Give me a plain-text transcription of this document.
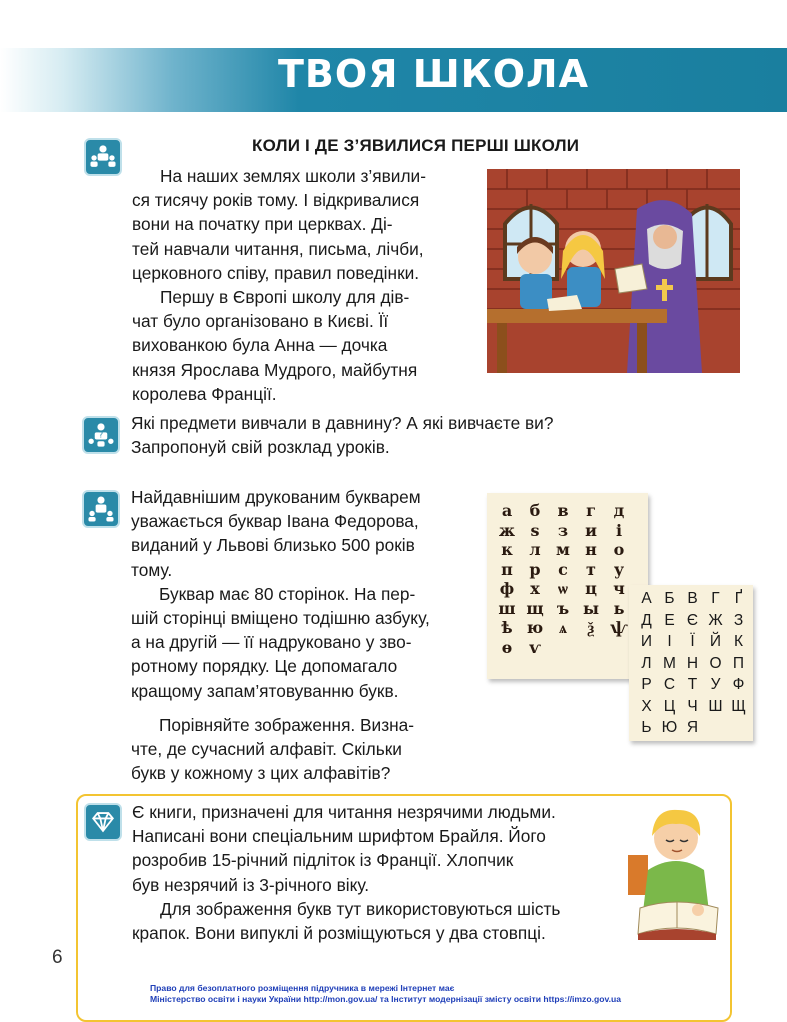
ТВОЯ ШКОЛА
КОЛИ І ДЕ З’ЯВИЛИСЯ ПЕРШІ ШКОЛИ

На наших землях школи з’явили-

ся тисячу років тому. І відкривалися

вони на початку при церквах. Ді-

тей навчали читання, письма, лічби,

церковного співу, правил поведінки.

Першу в Європі школу для дів-

чат було організовано в Києві. Її

вихованкою була Анна — дочка

князя Ярослава Мудрого, майбутня

королева Франції.

?

Які предмети вивчали в давнину? А які вивчаєте ви?

Запропонуй свій розклад уроків.

Найдавнішим друкованим букварем

уважається буквар Івана Федорова,

виданий у Львові близько 500 років

тому.

Буквар має 80 сторінок. На пер-

шій сторінці вміщено тодішню азбуку,

а на другій — її надруковано у зво-

ротному порядку. Це допомагало

кращому запам’ятовуванню букв.

Порівняйте зображення. Визна-

чте, де сучасний алфавіт. Скільки

букв у кожному з цих алфавітів?

а	б	в	г	д
ж ѕ	з	и	і
к	л м н	о
п	р	с	т	у
ф	х	ѡ	ц	ч
ш щ ъ ы ь
ѣ ю ѧ	ѯ ѱ
ѳ	ѵ
А Б В Г Ґ
Д Е Є Ж З
И І	Ї Й К
Л М Н О П
Р С Т У Ф
Х Ц Ч Ш Щ
Ь Ю Я

Є книги, призначені для читання незрячими людьми.

Написані вони спеціальним шрифтом Брайля. Його

розробив 15-річний підліток із Франції. Хлопчик

був незрячий із 3-річного віку.

Для зображення букв тут використовуються шість

крапок. Вони випуклі й розміщуються у два стовпці.

6
Право для безоплатного розміщення підручника в мережі Інтернет має
Міністерство освіти і науки України http://mon.gov.ua/ та Інститут модернізації змісту освіти https://imzo.gov.ua
